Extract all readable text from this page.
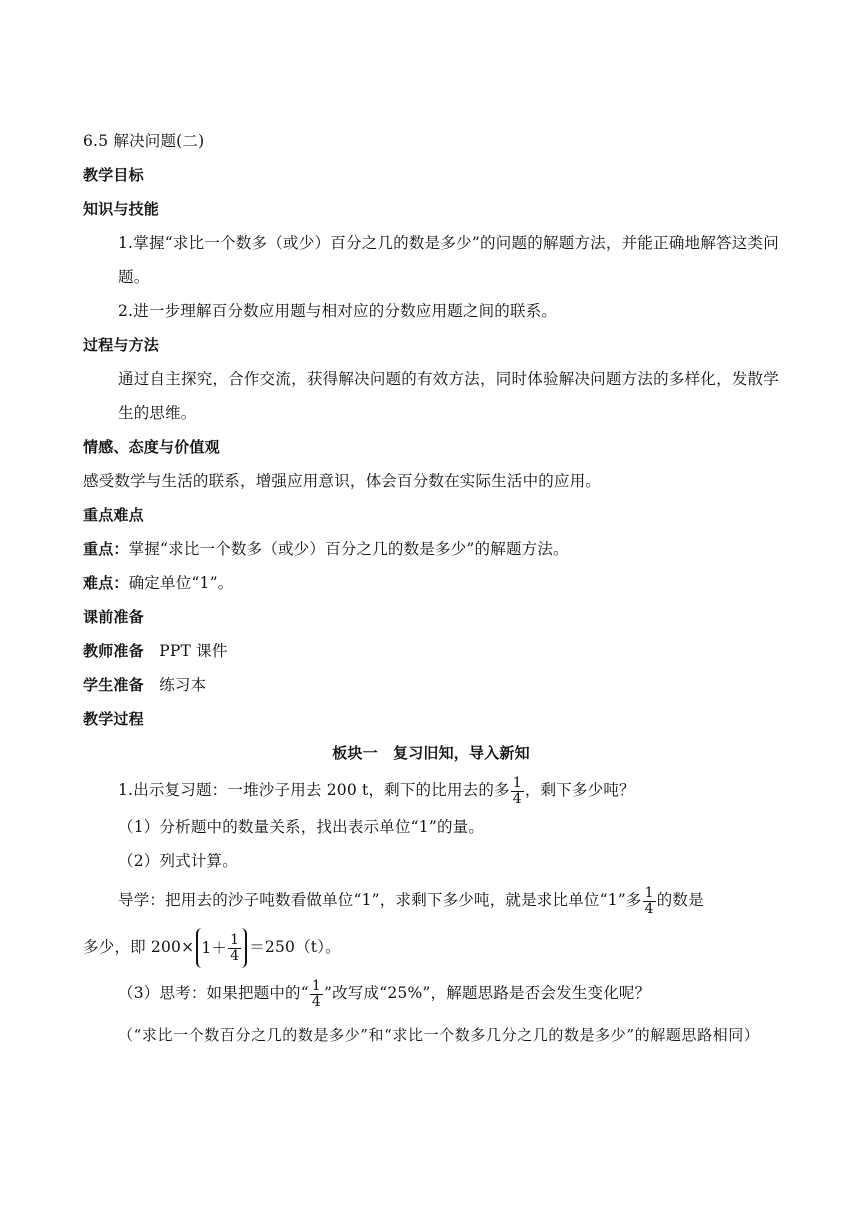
6.5 解决问题(二)
教学目标
知识与技能
1.掌握“求比一个数多（或少）百分之几的数是多少”的问题的解题方法，并能正确地解答这类问题。
2.进一步理解百分数应用题与相对应的分数应用题之间的联系。
过程与方法
通过自主探究，合作交流，获得解决问题的有效方法，同时体验解决问题方法的多样化，发散学生的思维。
情感、态度与价值观
感受数学与生活的联系，增强应用意识，体会百分数在实际生活中的应用。
重点难点
重点：掌握“求比一个数多（或少）百分之几的数是多少”的解题方法。
难点：确定单位“1”。
课前准备
教师准备 PPT 课件
学生准备 练习本
教学过程
板块一　复习旧知，导入新知
1.出示复习题：一堆沙子用去 200 t，剩下的比用去的多 $\frac{1}{4}$ ，剩下多少吨？
（1）分析题中的数量关系，找出表示单位“1”的量。
（2）列式计算。
导学：把用去的沙子吨数看做单位“1”，求剩下多少吨，就是求比单位“1”多 $\frac{1}{4}$ 的数是
多少，即 $200\times 1+ \frac{1}{4} =250(t)$。
（3）思考：如果把题中的“ $\frac{1}{4}$ ”改写成“25%”，解题思路是否会发生变化呢？
（“求比一个数百分之几的数是多少”和“求比一个数多几分之几的数是多少”的解题思路相同）
